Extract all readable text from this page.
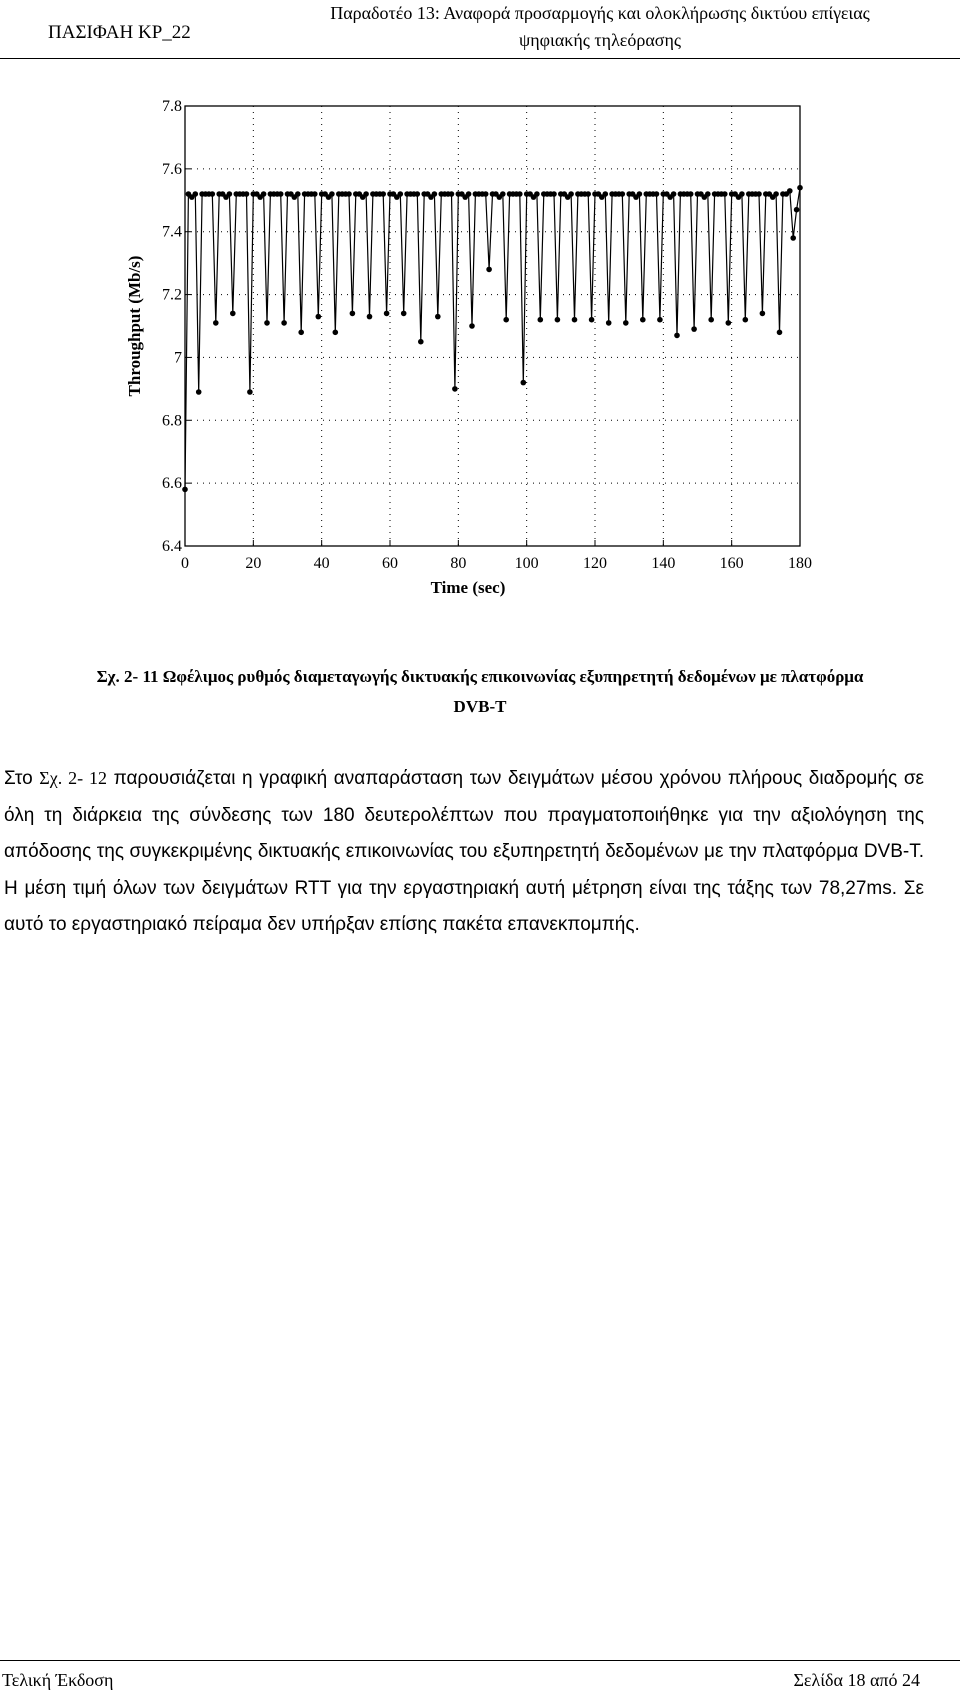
ΠΑΣΙΦΑΗ ΚΡ_22
Παραδοτέο 13: Αναφορά προσαρμογής και ολοκλήρωσης δικτύου επίγειας
ψηφιακής τηλεόρασης
0	20	40	60	80	100	120	140	160	180
6.4
6.6
6.8
7
7.2
7.4
7.6
7.8
Time (sec)
Throughput (Mb/s)
Σχ. 2- 11 Ωφέλιμος ρυθμός διαμεταγωγής δικτυακής επικοινωνίας εξυπηρετητή δεδομένων με πλατφόρμα
DVB-T
Στο Σχ. 2- 12 παρουσιάζεται η γραφική αναπαράσταση των δειγμάτων μέσου χρόνου πλήρους διαδρομής σε όλη τη διάρκεια της σύνδεσης των 180 δευτερολέπτων που πραγματοποιήθηκε για την αξιολόγηση της απόδοσης της συγκεκριμένης δικτυακής επικοινωνίας του εξυπηρετητή δεδομένων με την πλατφόρμα DVB-T. Η μέση τιμή όλων των δειγμάτων RTT για την εργαστηριακή αυτή μέτρηση είναι της τάξης των 78,27ms. Σε αυτό το εργαστηριακό πείραμα δεν υπήρξαν επίσης πακέτα επανεκπομπής.
Τελική Έκδοση	Σελίδα 18 από 24
